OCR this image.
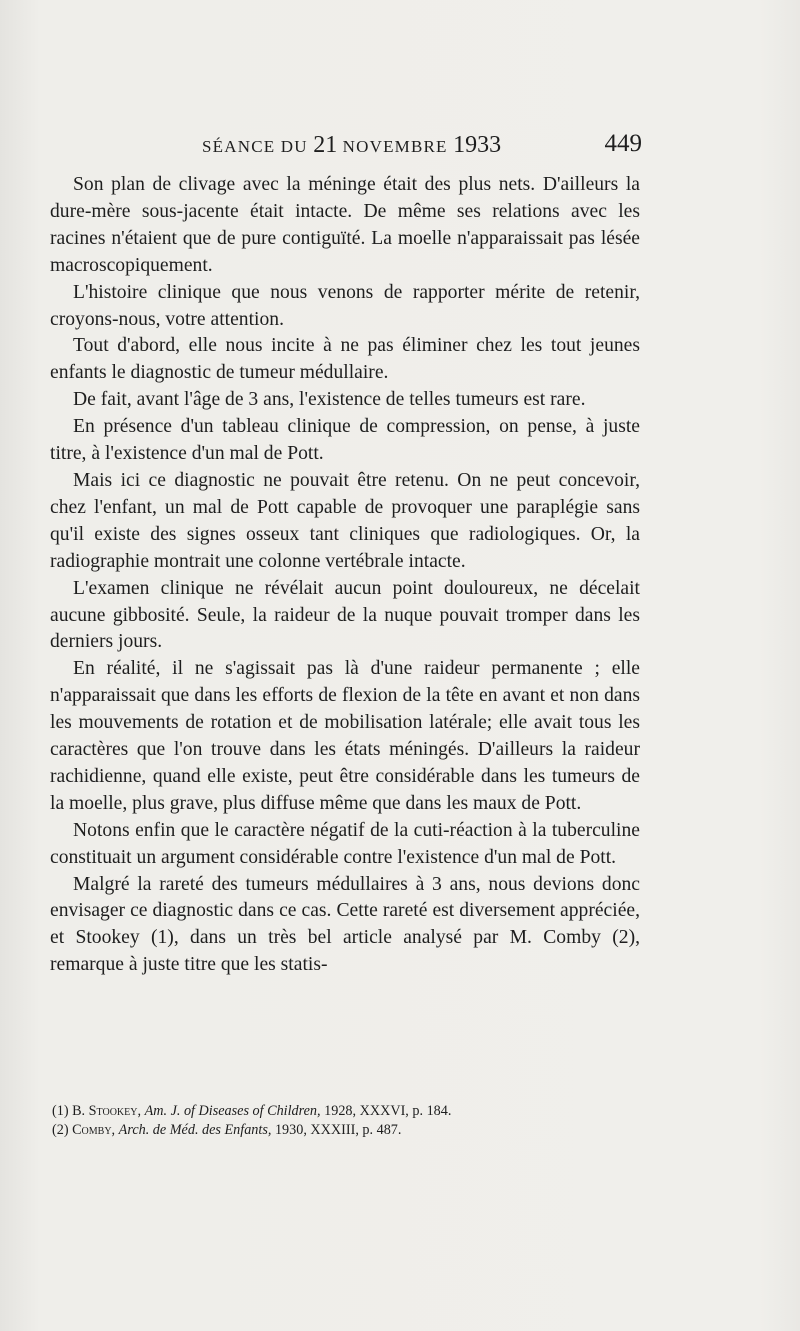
SÉANCE DU 21 NOVEMBRE 1933	449

Son plan de clivage avec la méninge était des plus nets. D'ailleurs la dure-mère sous-jacente était intacte. De même ses relations avec les racines n'étaient que de pure contiguïté. La moelle n'apparaissait pas lésée macroscopiquement.

L'histoire clinique que nous venons de rapporter mérite de retenir, croyons-nous, votre attention.

Tout d'abord, elle nous incite à ne pas éliminer chez les tout jeunes enfants le diagnostic de tumeur médullaire.

De fait, avant l'âge de 3 ans, l'existence de telles tumeurs est rare.

En présence d'un tableau clinique de compression, on pense, à juste titre, à l'existence d'un mal de Pott.

Mais ici ce diagnostic ne pouvait être retenu. On ne peut concevoir, chez l'enfant, un mal de Pott capable de provoquer une paraplégie sans qu'il existe des signes osseux tant cliniques que radiologiques. Or, la radiographie montrait une colonne vertébrale intacte.

L'examen clinique ne révélait aucun point douloureux, ne décelait aucune gibbosité. Seule, la raideur de la nuque pouvait tromper dans les derniers jours.

En réalité, il ne s'agissait pas là d'une raideur permanente ; elle n'apparaissait que dans les efforts de flexion de la tête en avant et non dans les mouvements de rotation et de mobilisation latérale; elle avait tous les caractères que l'on trouve dans les états méningés. D'ailleurs la raideur rachidienne, quand elle existe, peut être considérable dans les tumeurs de la moelle, plus grave, plus diffuse même que dans les maux de Pott.

Notons enfin que le caractère négatif de la cuti-réaction à la tuberculine constituait un argument considérable contre l'existence d'un mal de Pott.

Malgré la rareté des tumeurs médullaires à 3 ans, nous devions donc envisager ce diagnostic dans ce cas. Cette rareté est diversement appréciée, et Stookey (1), dans un très bel article analysé par M. Comby (2), remarque à juste titre que les statis-

(1) B. Stookey, Am. J. of Diseases of Children, 1928, XXXVI, p. 184.
(2) Comby, Arch. de Méd. des Enfants, 1930, XXXIII, p. 487.
